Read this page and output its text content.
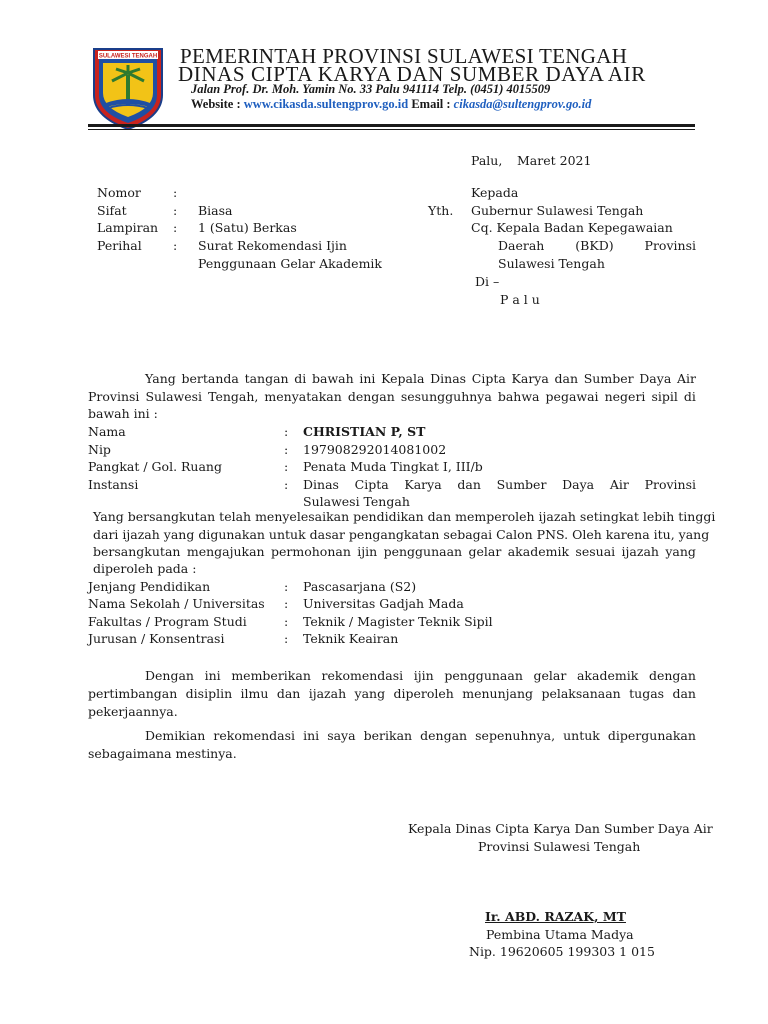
SULAWESI TENGAH PEMERINTAH PROVINSI SULAWESI TENGAH
DINAS CIPTA KARYA DAN SUMBER DAYA AIR
Jalan Prof. Dr. Moh. Yamin No. 33 Palu 941114 Telp. (0451) 4015509
Website : www.cikasda.sultengprov.go.id Email : cikasda@sultengprov.go.id
Palu, Maret 2021
Nomor	:
Sifat	: Biasa
Lampiran : 1 (Satu) Berkas
Perihal	: Surat Rekomendasi Ijin
Penggunaan Gelar Akademik
Kepada
Yth. Gubernur Sulawesi Tengah
Cq. Kepala Badan Kepegawaian
Daerah (BKD) Provinsi
Sulawesi Tengah
Di –
P a l u
Yang bertanda tangan di bawah ini Kepala Dinas Cipta Karya dan Sumber Daya Air
Provinsi Sulawesi Tengah, menyatakan dengan sesungguhnya bahwa pegawai negeri sipil di
bawah ini :
Nama	: CHRISTIAN P, ST
Nip	: 197908292014081002
Pangkat / Gol. Ruang	: Penata Muda Tingkat I, III/b
Instansi	: Dinas Cipta Karya dan Sumber Daya Air Provinsi
Sulawesi Tengah
Yang bersangkutan telah menyelesaikan pendidikan dan memperoleh ijazah setingkat lebih tinggi
dari ijazah yang digunakan untuk dasar pengangkatan sebagai Calon PNS. Oleh karena itu, yang
bersangkutan mengajukan permohonan ijin penggunaan gelar akademik sesuai ijazah yang
diperoleh pada :
Jenjang Pendidikan	: Pascasarjana (S2)
Nama Sekolah / Universitas : Universitas Gadjah Mada
Fakultas / Program Studi	: Teknik / Magister Teknik Sipil
Jurusan / Konsentrasi	: Teknik Keairan
Dengan ini memberikan rekomendasi ijin penggunaan gelar akademik dengan
pertimbangan disiplin ilmu dan ijazah yang diperoleh menunjang pelaksanaan tugas dan
pekerjaannya.
Demikian rekomendasi ini saya berikan dengan sepenuhnya, untuk dipergunakan
sebagaimana mestinya.
Kepala Dinas Cipta Karya Dan Sumber Daya Air
Provinsi Sulawesi Tengah
Ir. ABD. RAZAK, MT
Pembina Utama Madya
Nip. 19620605 199303 1 015
